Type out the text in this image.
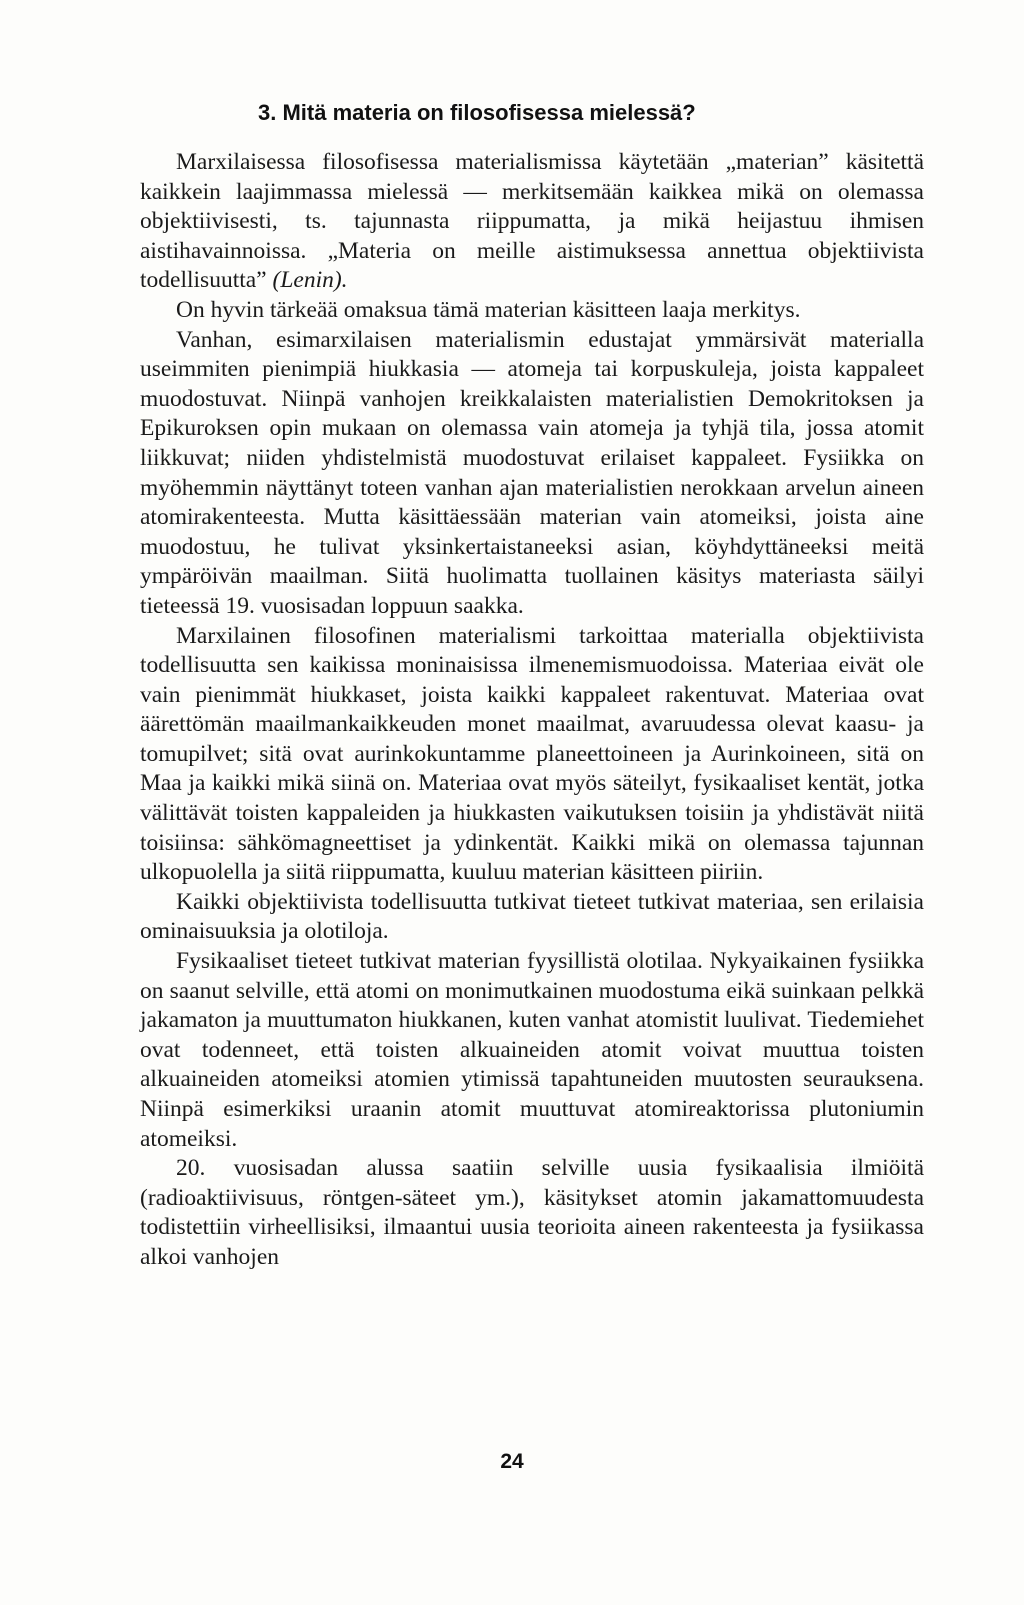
3. Mitä materia on filosofisessa mielessä?

Marxilaisessa filosofisessa materialismissa käytetään „materian” käsitettä kaikkein laajimmassa mielessä — merkitsemään kaikkea mikä on olemassa objektiivisesti, ts. tajunnasta riippumatta, ja mikä heijastuu ihmisen aistihavainnoissa. „Materia on meille aistimuksessa annettua objektiivista todellisuutta” (Lenin).

On hyvin tärkeää omaksua tämä materian käsitteen laaja merkitys.

Vanhan, esimarxilaisen materialismin edustajat ymmärsivät materialla useimmiten pienimpiä hiukkasia — atomeja tai korpuskuleja, joista kappaleet muodostuvat. Niinpä vanhojen kreikkalaisten materialistien Demokritoksen ja Epikuroksen opin mukaan on olemassa vain atomeja ja tyhjä tila, jossa atomit liikkuvat; niiden yhdistelmistä muodostuvat erilaiset kappaleet. Fysiikka on myöhemmin näyttänyt toteen vanhan ajan materialistien nerokkaan arvelun aineen atomirakenteesta. Mutta käsittäessään materian vain atomeiksi, joista aine muodostuu, he tulivat yksinkertaistaneeksi asian, köyhdyttäneeksi meitä ympäröivän maailman. Siitä huolimatta tuollainen käsitys materiasta säilyi tieteessä 19. vuosisadan loppuun saakka.

Marxilainen filosofinen materialismi tarkoittaa materialla objektiivista todellisuutta sen kaikissa moninaisissa ilmenemismuodoissa. Materiaa eivät ole vain pienimmät hiukkaset, joista kaikki kappaleet rakentuvat. Materiaa ovat äärettömän maailmankaikkeuden monet maailmat, avaruudessa olevat kaasu- ja tomupilvet; sitä ovat aurinkokuntamme planeettoineen ja Aurinkoineen, sitä on Maa ja kaikki mikä siinä on. Materiaa ovat myös säteilyt, fysikaaliset kentät, jotka välittävät toisten kappaleiden ja hiukkasten vaikutuksen toisiin ja yhdistävät niitä toisiinsa: sähkömagneettiset ja ydinkentät. Kaikki mikä on olemassa tajunnan ulkopuolella ja siitä riippumatta, kuuluu materian käsitteen piiriin.

Kaikki objektiivista todellisuutta tutkivat tieteet tutkivat materiaa, sen erilaisia ominaisuuksia ja olotiloja.

Fysikaaliset tieteet tutkivat materian fyysillistä olotilaa. Nykyaikainen fysiikka on saanut selville, että atomi on monimutkainen muodostuma eikä suinkaan pelkkä jakamaton ja muuttumaton hiukkanen, kuten vanhat atomistit luulivat. Tiedemiehet ovat todenneet, että toisten alkuaineiden atomit voivat muuttua toisten alkuaineiden atomeiksi atomien ytimissä tapahtuneiden muutosten seurauksena. Niinpä esimerkiksi uraanin atomit muuttuvat atomireaktorissa plutoniumin atomeiksi.

20. vuosisadan alussa saatiin selville uusia fysikaalisia ilmiöitä (radioaktiivisuus, röntgen-säteet ym.), käsitykset atomin jakamattomuudesta todistettiin virheellisiksi, ilmaantui uusia teorioita aineen rakenteesta ja fysiikassa alkoi vanhojen

24
